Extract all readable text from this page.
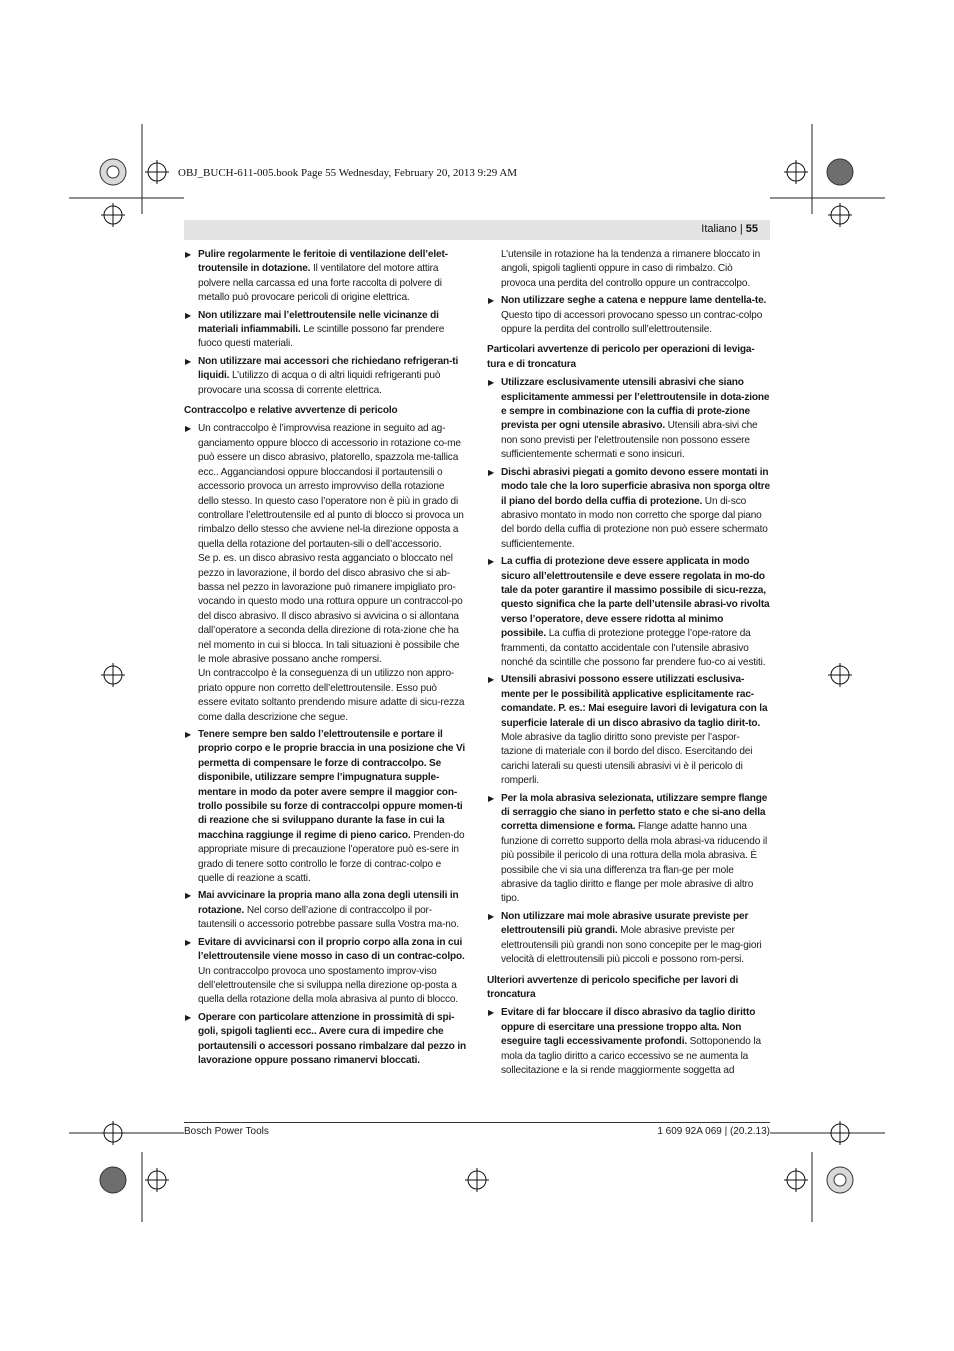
OBJ_BUCH-611-005.book Page 55 Wednesday, February 20, 2013 9:29 AM
Italiano | 55
▶ Pulire regolarmente le feritoie di ventilazione dell’elet-troutensile in dotazione. Il ventilatore del motore attira polvere nella carcassa ed una forte raccolta di polvere di metallo può provocare pericoli di origine elettrica.
▶ Non utilizzare mai l’elettroutensile nelle vicinanze di materiali infiammabili. Le scintille possono far prendere fuoco questi materiali.
▶ Non utilizzare mai accessori che richiedano refrigeran-ti liquidi. L’utilizzo di acqua o di altri liquidi refrigeranti può provocare una scossa di corrente elettrica.
Contraccolpo e relative avvertenze di pericolo
▶ Un contraccolpo è l’improvvisa reazione in seguito ad ag-ganciamento oppure blocco di accessorio in rotazione co-me può essere un disco abrasivo, platorello, spazzola me-tallica ecc.. Agganciandosi oppure bloccandosi il portautensili o accessorio provoca un arresto improvviso della rotazione dello stesso. In questo caso l’operatore non è più in grado di controllare l’elettroutensile ed al punto di blocco si provoca un rimbalzo dello stesso che avviene nel-la direzione opposta a quella della rotazione del portauten-sili o dell’accessorio.
Se p. es. un disco abrasivo resta agganciato o bloccato nel pezzo in lavorazione, il bordo del disco abrasivo che si ab-bassa nel pezzo in lavorazione può rimanere impigliato pro-vocando in questo modo una rottura oppure un contraccol-po del disco abrasivo. Il disco abrasivo si avvicina o si allontana dall’operatore a seconda della direzione di rota-zione che ha nel momento in cui si blocca. In tali situazioni è possibile che le mole abrasive possano anche rompersi.
Un contraccolpo è la conseguenza di un utilizzo non appro-priato oppure non corretto dell’elettroutensile. Esso può essere evitato soltanto prendendo misure adatte di sicu-rezza come dalla descrizione che segue.
▶ Tenere sempre ben saldo l’elettroutensile e portare il proprio corpo e le proprie braccia in una posizione che Vi permetta di compensare le forze di contraccolpo. Se disponibile, utilizzare sempre l’impugnatura supple-mentare in modo da poter avere sempre il maggior con-trollo possibile su forze di contraccolpi oppure momen-ti di reazione che si sviluppano durante la fase in cui la macchina raggiunge il regime di pieno carico. Prenden-do appropriate misure di precauzione l’operatore può es-sere in grado di tenere sotto controllo le forze di contrac-colpo e quelle di reazione a scatti.
▶ Mai avvicinare la propria mano alla zona degli utensili in rotazione. Nel corso dell’azione di contraccolpo il por-tautensili o accessorio potrebbe passare sulla Vostra ma-no.
▶ Evitare di avvicinarsi con il proprio corpo alla zona in cui l’elettroutensile viene mosso in caso di un contrac-colpo. Un contraccolpo provoca uno spostamento improv-viso dell’elettroutensile che si sviluppa nella direzione op-posta a quella della rotazione della mola abrasiva al punto di blocco.
▶ Operare con particolare attenzione in prossimità di spi-goli, spigoli taglienti ecc.. Avere cura di impedire che portautensili o accessori possano rimbalzare dal pezzo in lavorazione oppure possano rimanervi bloccati.
L’utensile in rotazione ha la tendenza a rimanere bloccato in angoli, spigoli taglienti oppure in caso di rimbalzo. Ciò provoca una perdita del controllo oppure un contraccolpo.
▶ Non utilizzare seghe a catena e neppure lame dentella-te. Questo tipo di accessori provocano spesso un contrac-colpo oppure la perdita del controllo sull’elettroutensile.
Particolari avvertenze di pericolo per operazioni di leviga-tura e di troncatura
▶ Utilizzare esclusivamente utensili abrasivi che siano esplicitamente ammessi per l’elettroutensile in dota-zione e sempre in combinazione con la cuffia di prote-zione prevista per ogni utensile abrasivo. Utensili abra-sivi che non sono previsti per l’elettroutensile non possono essere sufficientemente schermati e sono insicuri.
▶ Dischi abrasivi piegati a gomito devono essere montati in modo tale che la loro superficie abrasiva non sporga oltre il piano del bordo della cuffia di protezione. Un di-sco abrasivo montato in modo non corretto che sporge dal piano del bordo della cuffia di protezione non può essere schermato sufficientemente.
▶ La cuffia di protezione deve essere applicata in modo sicuro all’elettroutensile e deve essere regolata in mo-do tale da poter garantire il massimo possibile di sicu-rezza, questo significa che la parte dell’utensile abrasi-vo rivolta verso l’operatore, deve essere ridotta al minimo possibile. La cuffia di protezione protegge l’ope-ratore da frammenti, da contatto accidentale con l’utensile abrasivo nonché da scintille che possono far prendere fuo-co ai vestiti.
▶ Utensili abrasivi possono essere utilizzati esclusiva-mente per le possibilità applicative esplicitamente rac-comandate. P. es.: Mai eseguire lavori di levigatura con la superficie laterale di un disco abrasivo da taglio dirit-to. Mole abrasive da taglio diritto sono previste per l’aspor-tazione di materiale con il bordo del disco. Esercitando dei carichi laterali su questi utensili abrasivi vi è il pericolo di romperli.
▶ Per la mola abrasiva selezionata, utilizzare sempre flange di serraggio che siano in perfetto stato e che si-ano della corretta dimensione e forma. Flange adatte hanno una funzione di corretto supporto della mola abrasi-va riducendo il più possibile il pericolo di una rottura della mola abrasiva. È possibile che vi sia una differenza tra flan-ge per mole abrasive da taglio diritto e flange per mole abrasive di altro tipo.
▶ Non utilizzare mai mole abrasive usurate previste per elettroutensili più grandi. Mole abrasive previste per elettroutensili più grandi non sono concepite per le mag-giori velocità di elettroutensili più piccoli e possono rom-persi.
Ulteriori avvertenze di pericolo specifiche per lavori di troncatura
▶ Evitare di far bloccare il disco abrasivo da taglio diritto oppure di esercitare una pressione troppo alta. Non eseguire tagli eccessivamente profondi. Sottoponendo la mola da taglio diritto a carico eccessivo se ne aumenta la sollecitazione e la si rende maggiormente soggetta ad
Bosch Power Tools	1 609 92A 069 | (20.2.13)
